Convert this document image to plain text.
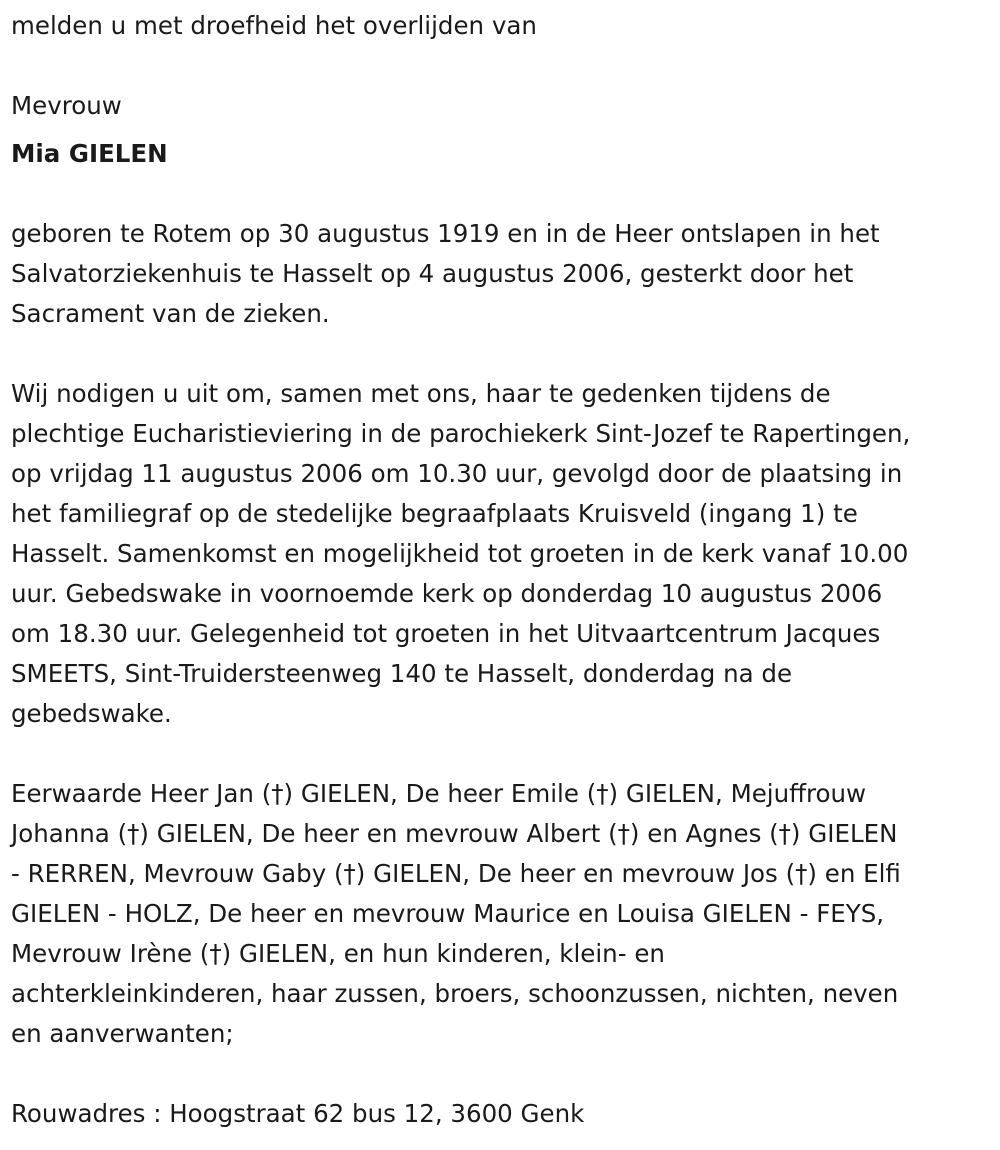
melden u met droefheid het overlijden van

Mevrouw

Mia GIELEN

geboren te Rotem op 30 augustus 1919 en in de Heer ontslapen in het

Salvatorziekenhuis te Hasselt op 4 augustus 2006, gesterkt door het

Sacrament van de zieken.

Wij nodigen u uit om, samen met ons, haar te gedenken tijdens de

plechtige Eucharistieviering in de parochiekerk Sint-Jozef te Rapertingen,

op vrijdag 11 augustus 2006 om 10.30 uur, gevolgd door de plaatsing in

het familiegraf op de stedelijke begraafplaats Kruisveld (ingang 1) te

Hasselt. Samenkomst en mogelijkheid tot groeten in de kerk vanaf 10.00

uur. Gebedswake in voornoemde kerk op donderdag 10 augustus 2006

om 18.30 uur. Gelegenheid tot groeten in het Uitvaartcentrum Jacques

SMEETS, Sint-Truidersteenweg 140 te Hasselt, donderdag na de

gebedswake.

Eerwaarde Heer Jan (†) GIELEN, De heer Emile (†) GIELEN, Mejuffrouw

Johanna (†) GIELEN, De heer en mevrouw Albert (†) en Agnes (†) GIELEN

- RERREN, Mevrouw Gaby (†) GIELEN, De heer en mevrouw Jos (†) en Elfi

GIELEN - HOLZ, De heer en mevrouw Maurice en Louisa GIELEN - FEYS,

Mevrouw Irène (†) GIELEN, en hun kinderen, klein- en

achterkleinkinderen, haar zussen, broers, schoonzussen, nichten, neven

en aanverwanten;

Rouwadres : Hoogstraat 62 bus 12, 3600 Genk
